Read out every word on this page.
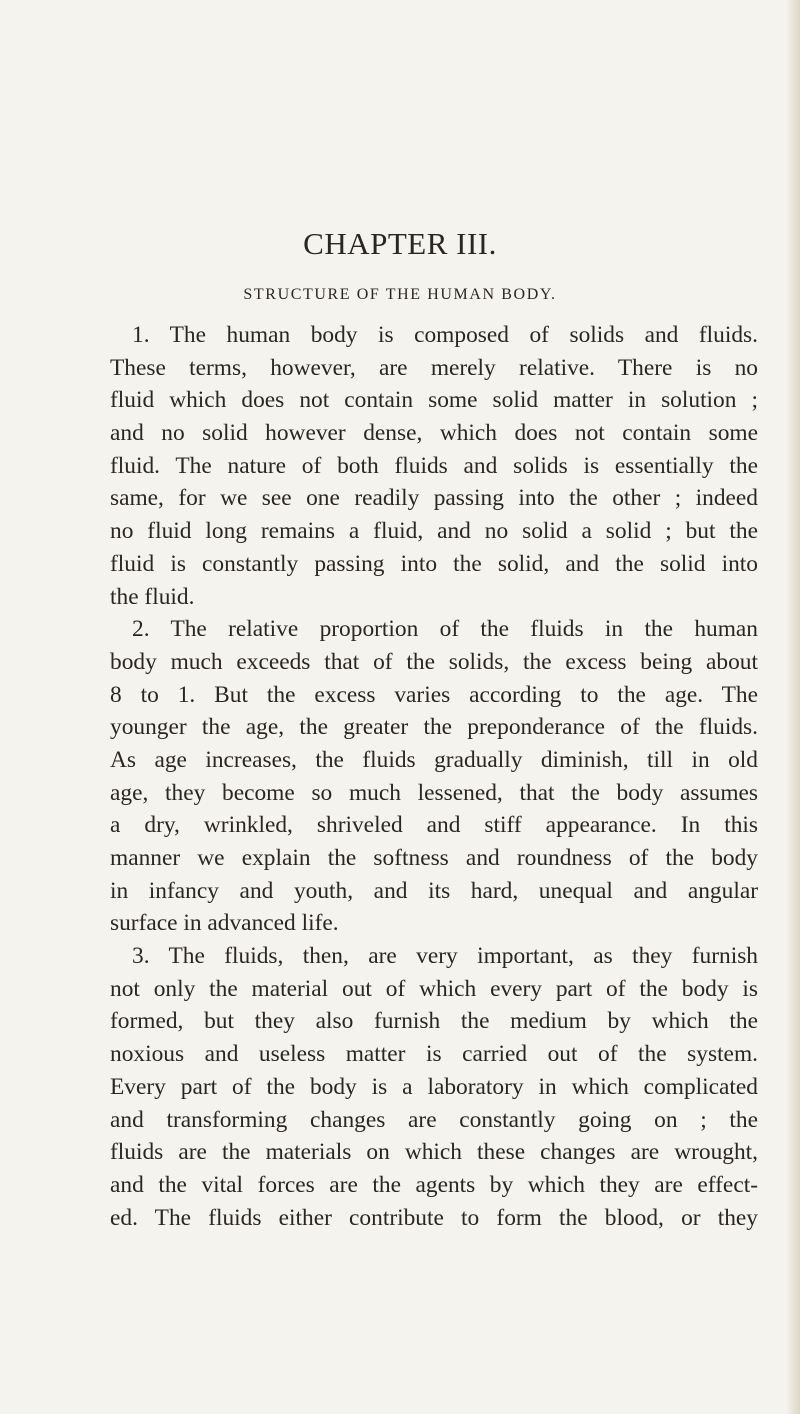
CHAPTER III.
STRUCTURE OF THE HUMAN BODY.
1. The human body is composed of solids and fluids.
These terms, however, are merely relative. There is no
fluid which does not contain some solid matter in solution ;
and no solid however dense, which does not contain some
fluid. The nature of both fluids and solids is essentially the
same, for we see one readily passing into the other ; indeed
no fluid long remains a fluid, and no solid a solid ; but the
fluid is constantly passing into the solid, and the solid into
the fluid.
2. The relative proportion of the fluids in the human
body much exceeds that of the solids, the excess being about
8 to 1. But the excess varies according to the age. The
younger the age, the greater the preponderance of the fluids.
As age increases, the fluids gradually diminish, till in old
age, they become so much lessened, that the body assumes
a dry, wrinkled, shriveled and stiff appearance. In this
manner we explain the softness and roundness of the body
in infancy and youth, and its hard, unequal and angular
surface in advanced life.
3. The fluids, then, are very important, as they furnish
not only the material out of which every part of the body is
formed, but they also furnish the medium by which the
noxious and useless matter is carried out of the system.
Every part of the body is a laboratory in which complicated
and transforming changes are constantly going on ; the
fluids are the materials on which these changes are wrought,
and the vital forces are the agents by which they are effect-
ed. The fluids either contribute to form the blood, or they
